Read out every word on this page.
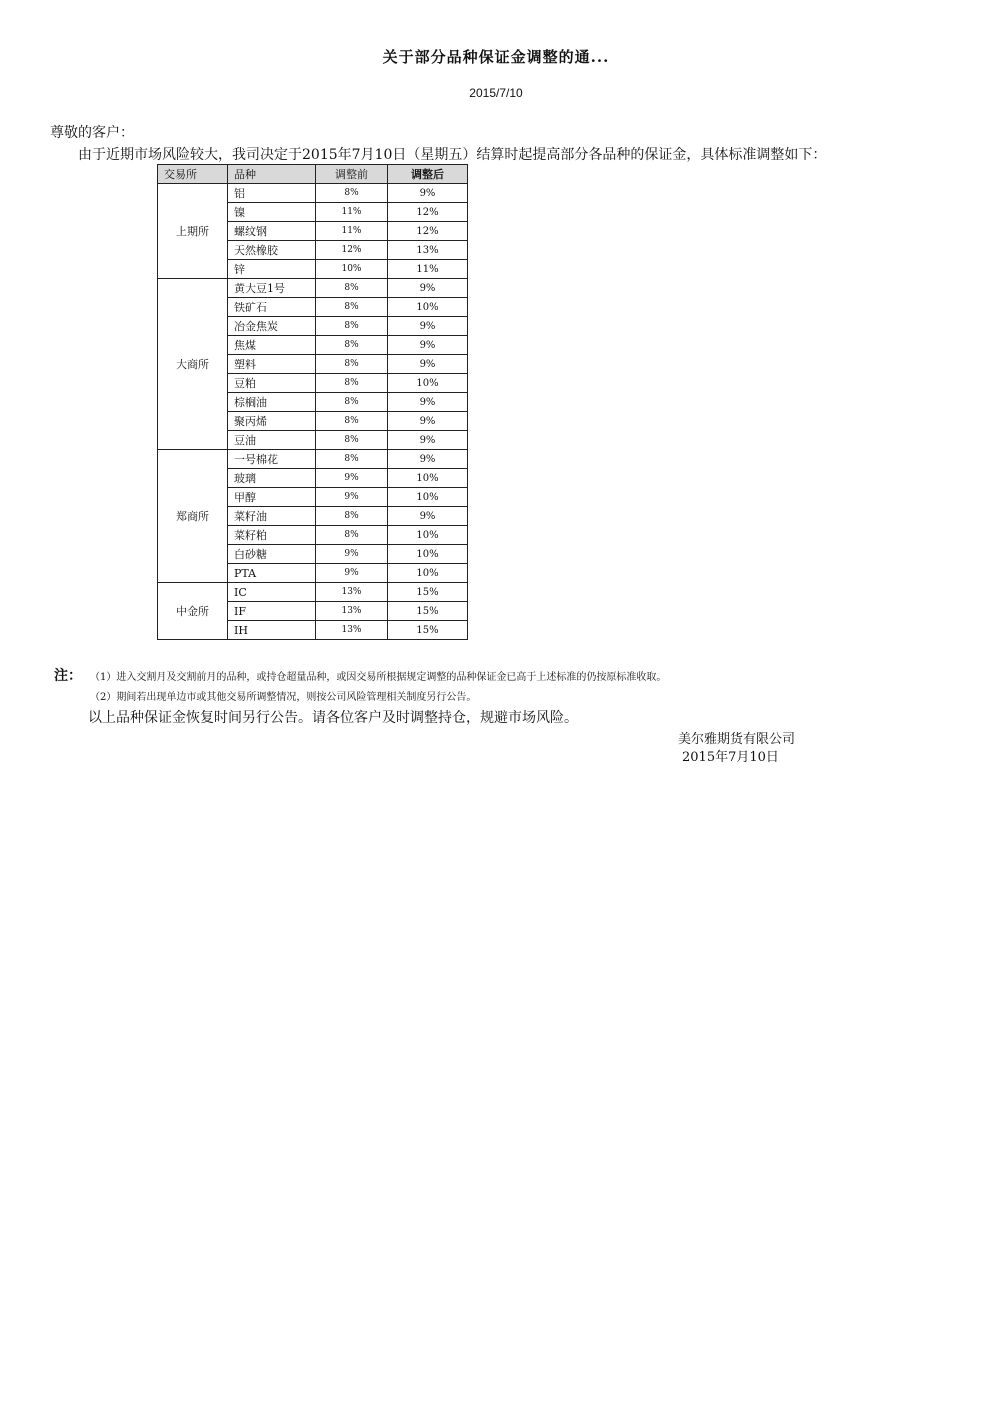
关于部分品种保证金调整的通...
2015/7/10
尊敬的客户：
由于近期市场风险较大，我司决定于2015年7月10日（星期五）结算时起提高部分各品种的保证金，具体标准调整如下：
交易所	品种	调整前	调整后
上期所	铝	8%	9%
	镍	11%	12%
	螺纹钢	11%	12%
	天然橡胶	12%	13%
	锌	10%	11%
大商所	黄大豆1号	8%	9%
	铁矿石	8%	10%
	冶金焦炭	8%	9%
	焦煤	8%	9%
	塑料	8%	9%
	豆粕	8%	10%
	棕榈油	8%	9%
	聚丙烯	8%	9%
	豆油	8%	9%
郑商所	一号棉花	8%	9%
	玻璃	9%	10%
	甲醇	9%	10%
	菜籽油	8%	9%
	菜籽粕	8%	10%
	白砂糖	9%	10%
	PTA	9%	10%
中金所	IC	13%	15%
	IF	13%	15%
	IH	13%	15%
注： （1）进入交割月及交割前月的品种，或持仓超量品种，或因交易所根据规定调整的品种保证金已高于上述标准的仍按原标准收取。
（2）期间若出现单边市或其他交易所调整情况，则按公司风险管理相关制度另行公告。
以上品种保证金恢复时间另行公告。请各位客户及时调整持仓，规避市场风险。
美尔雅期货有限公司
2015年7月10日
